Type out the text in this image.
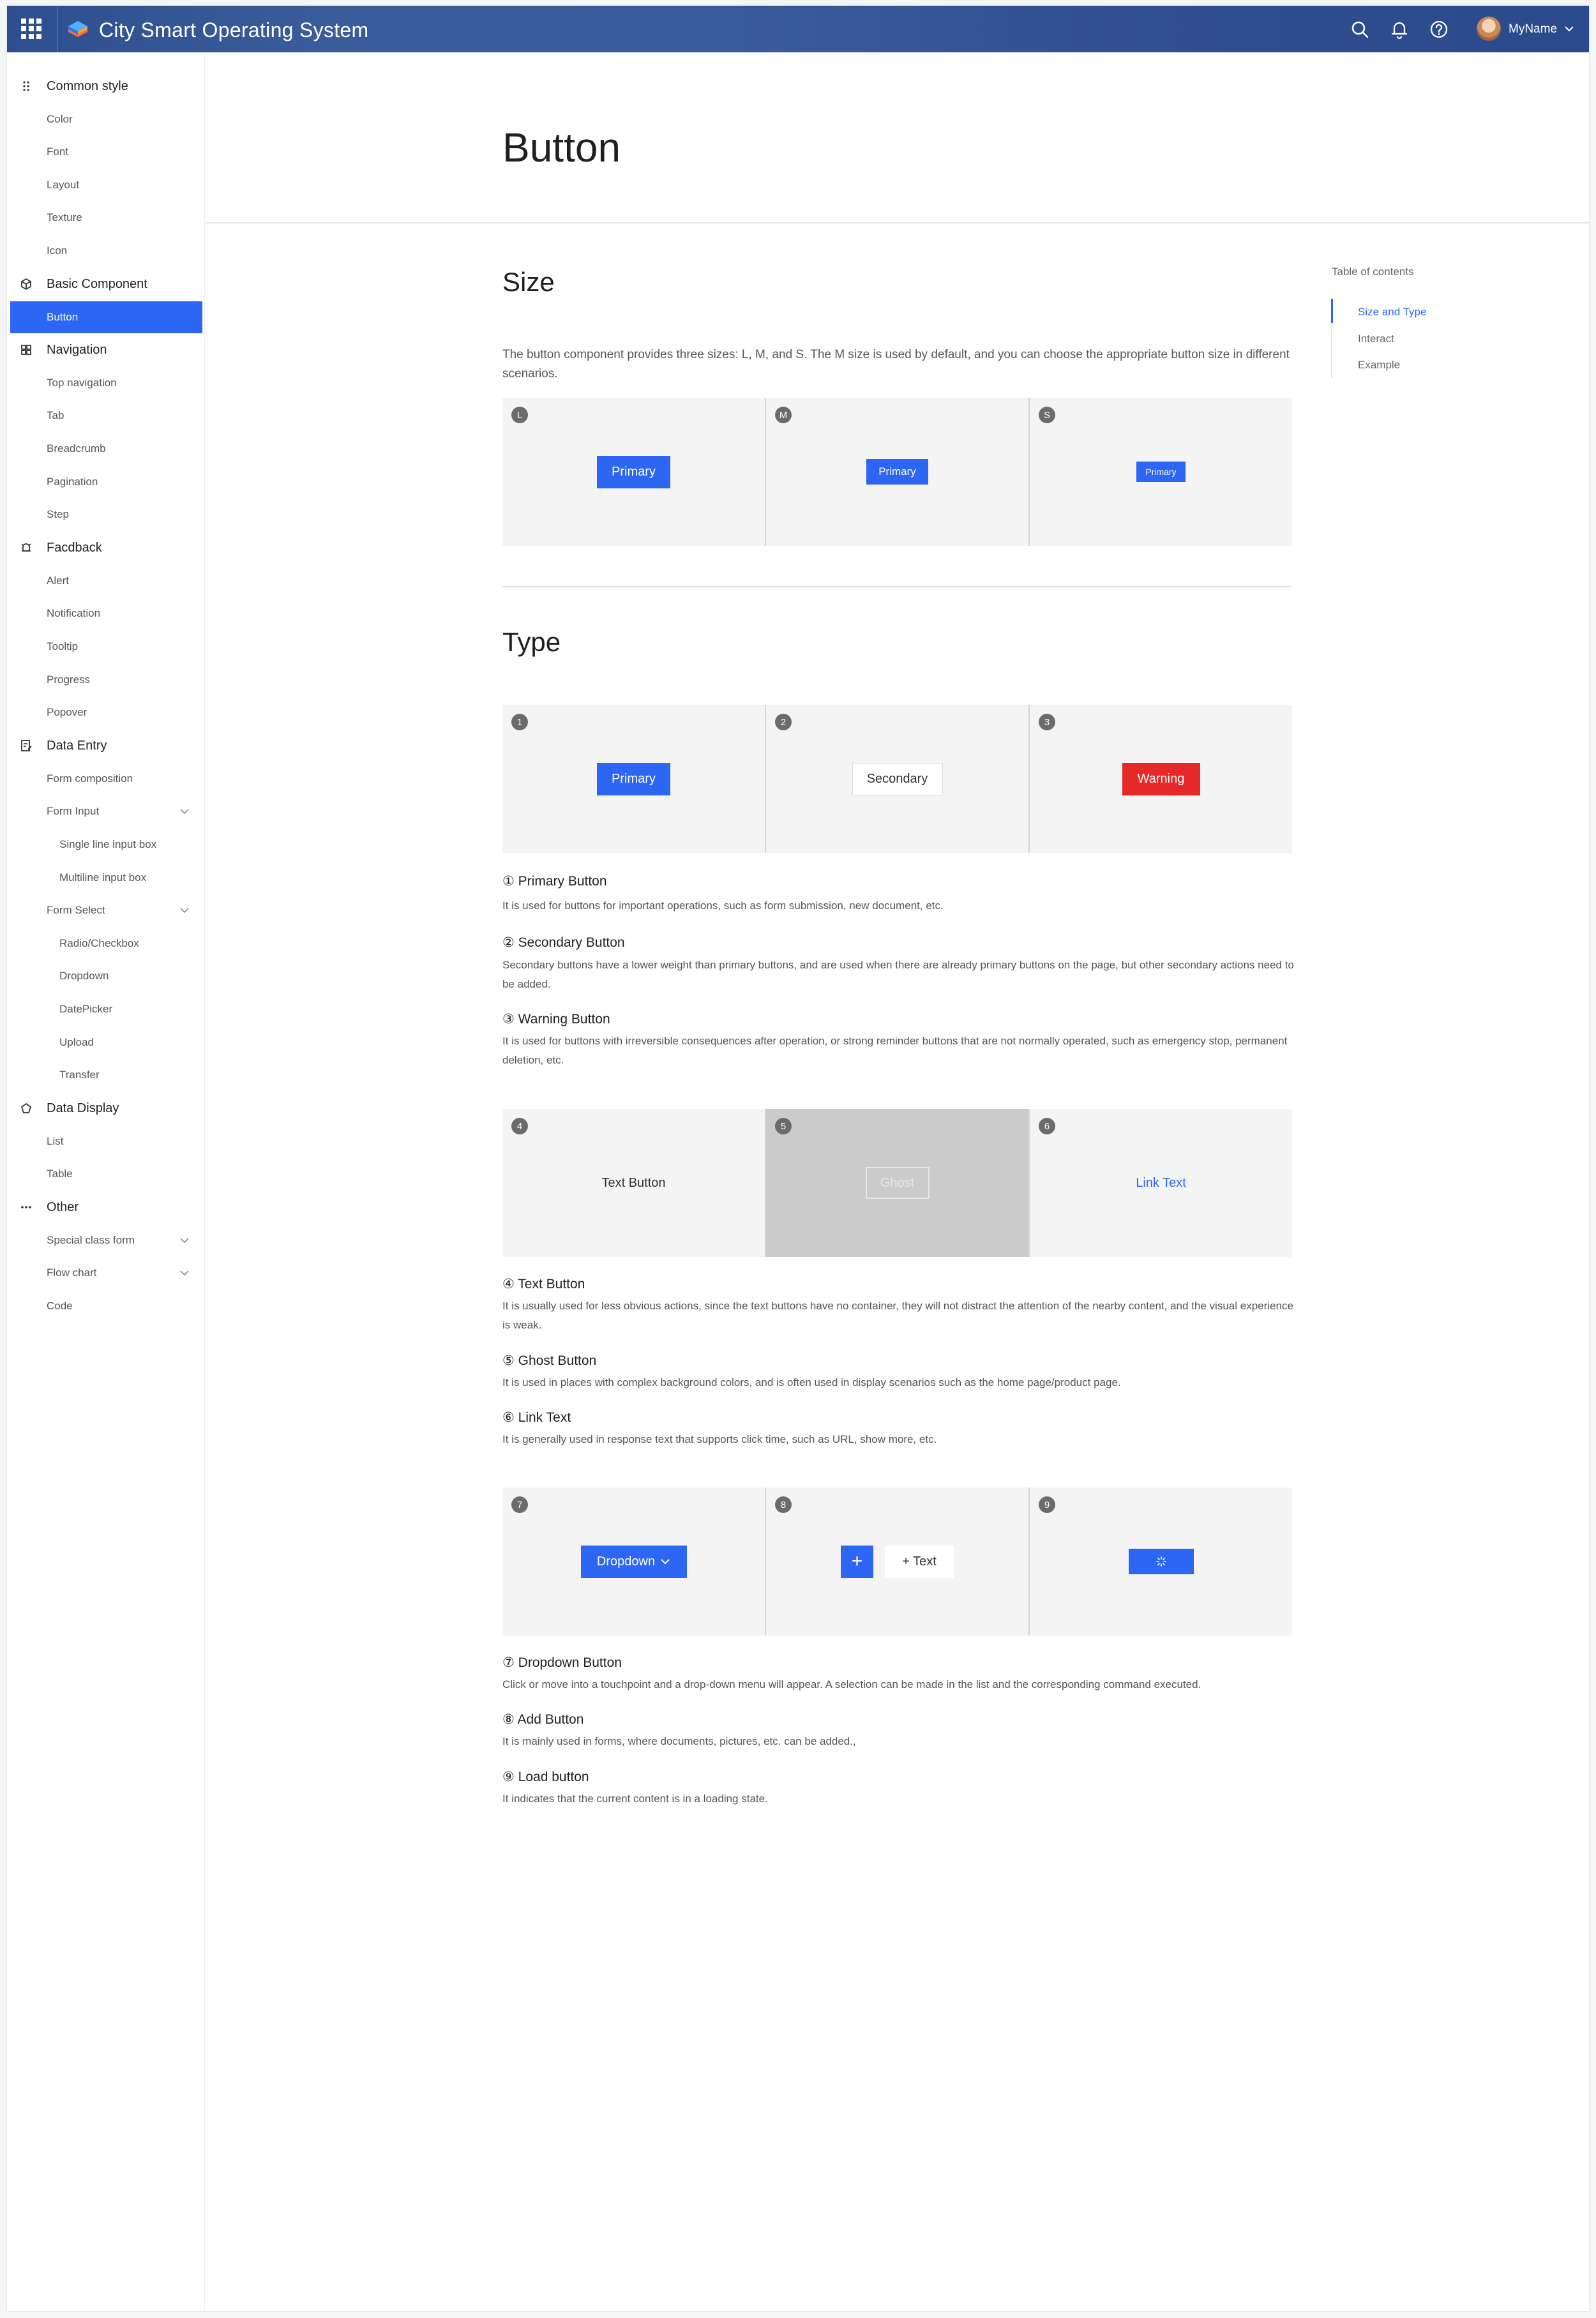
City Smart Operating System	MyName
Common style
Color
Font
Layout
Texture
Icon
Basic Component
Button
Navigation
Top navigation
Tab
Breadcrumb
Pagination
Step
Facdback
Alert
Notification
Tooltip
Progress
Popover
Data Entry
Form composition
Form Input
Single line input box
Multiline input box
Form Select
Radio/Checkbox
Dropdown
DatePicker
Upload
Transfer
Data Display
List
Table
Other
Special class form
Flow chart
Code
Button
Size
The button component provides three sizes: L, M, and S. The M size is used by default, and you can choose the appropriate button size in different scenarios.
L
Primary
M
Primary
S
Primary
Type
1
Primary
2
Secondary
3
Warning
① Primary Button
It is used for buttons for important operations, such as form submission, new document, etc.
② Secondary Button
Secondary buttons have a lower weight than primary buttons, and are used when there are already primary buttons on the page, but other secondary actions need to be added.
③ Warning Button
It is used for buttons with irreversible consequences after operation, or strong reminder buttons that are not normally operated, such as emergency stop, permanent deletion, etc.
4
Text Button
5
Ghost
6
Link Text
④ Text Button
It is usually used for less obvious actions, since the text buttons have no container, they will not distract the attention of the nearby content, and the visual experience is weak.
⑤ Ghost Button
It is used in places with complex background colors, and is often used in display scenarios such as the home page/product page.
⑥ Link Text
It is generally used in response text that supports click time, such as URL, show more, etc.
7
Dropdown
8
+	+ Text
9
⑦ Dropdown Button
Click or move into a touchpoint and a drop-down menu will appear. A selection can be made in the list and the corresponding command executed.
⑧ Add Button
It is mainly used in forms, where documents, pictures, etc. can be added.,
⑨ Load button
It indicates that the current content is in a loading state.
Table of contents
Size and Type
Interact
Example
